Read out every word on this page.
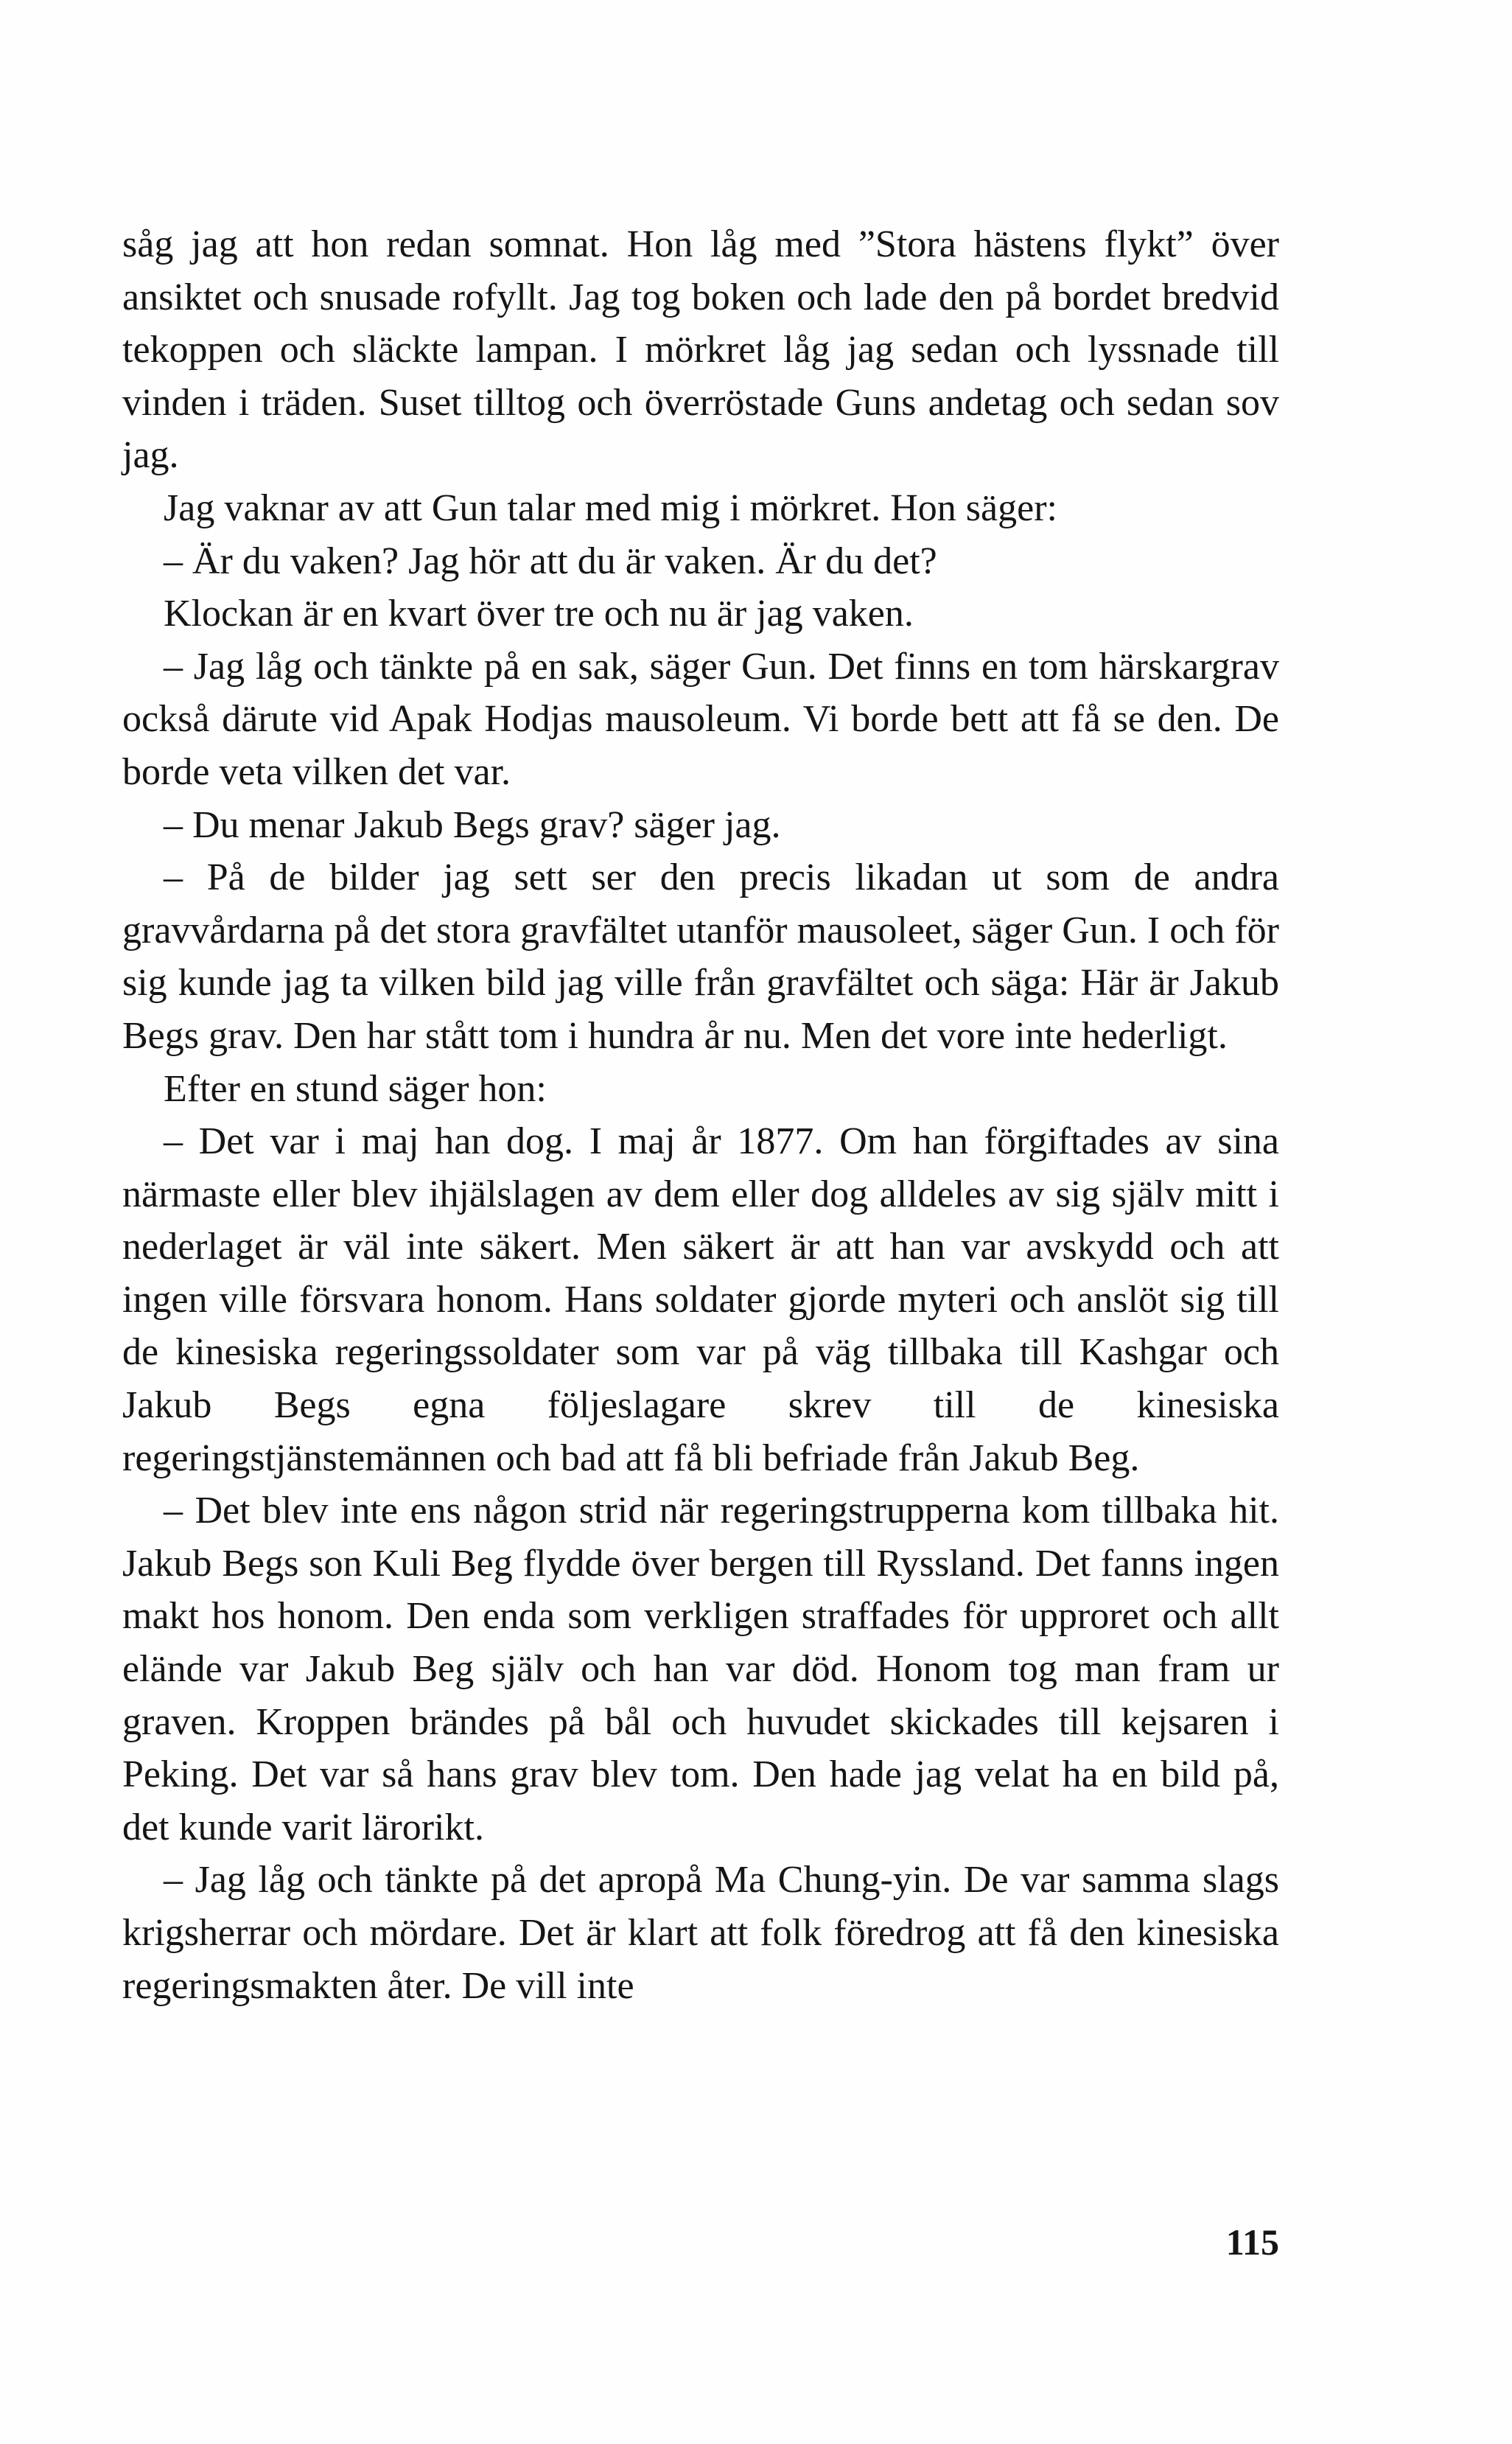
såg jag att hon redan somnat. Hon låg med ”Stora hästens flykt” över ansiktet och snusade rofyllt. Jag tog boken och lade den på bordet bredvid tekoppen och släckte lampan. I mörkret låg jag sedan och lyssnade till vinden i träden. Suset tilltog och överröstade Guns andetag och sedan sov jag.

Jag vaknar av att Gun talar med mig i mörkret. Hon säger:

– Är du vaken? Jag hör att du är vaken. Är du det?

Klockan är en kvart över tre och nu är jag vaken.

– Jag låg och tänkte på en sak, säger Gun. Det finns en tom härskargrav också därute vid Apak Hodjas mausoleum. Vi borde bett att få se den. De borde veta vilken det var.

– Du menar Jakub Begs grav? säger jag.

– På de bilder jag sett ser den precis likadan ut som de andra gravvårdarna på det stora gravfältet utanför mausoleet, säger Gun. I och för sig kunde jag ta vilken bild jag ville från gravfältet och säga: Här är Jakub Begs grav. Den har stått tom i hundra år nu. Men det vore inte hederligt.

Efter en stund säger hon:

– Det var i maj han dog. I maj år 1877. Om han förgiftades av sina närmaste eller blev ihjälslagen av dem eller dog alldeles av sig själv mitt i nederlaget är väl inte säkert. Men säkert är att han var avskydd och att ingen ville försvara honom. Hans soldater gjorde myteri och anslöt sig till de kinesiska regeringssoldater som var på väg tillbaka till Kashgar och Jakub Begs egna följeslagare skrev till de kinesiska regeringstjänstemännen och bad att få bli befriade från Jakub Beg.

– Det blev inte ens någon strid när regeringstrupperna kom tillbaka hit. Jakub Begs son Kuli Beg flydde över bergen till Ryssland. Det fanns ingen makt hos honom. Den enda som verkligen straffades för upproret och allt elände var Jakub Beg själv och han var död. Honom tog man fram ur graven. Kroppen brändes på bål och huvudet skickades till kejsaren i Peking. Det var så hans grav blev tom. Den hade jag velat ha en bild på, det kunde varit lärorikt.

– Jag låg och tänkte på det apropå Ma Chung-yin. De var samma slags krigsherrar och mördare. Det är klart att folk föredrog att få den kinesiska regeringsmakten åter. De vill inte

115
